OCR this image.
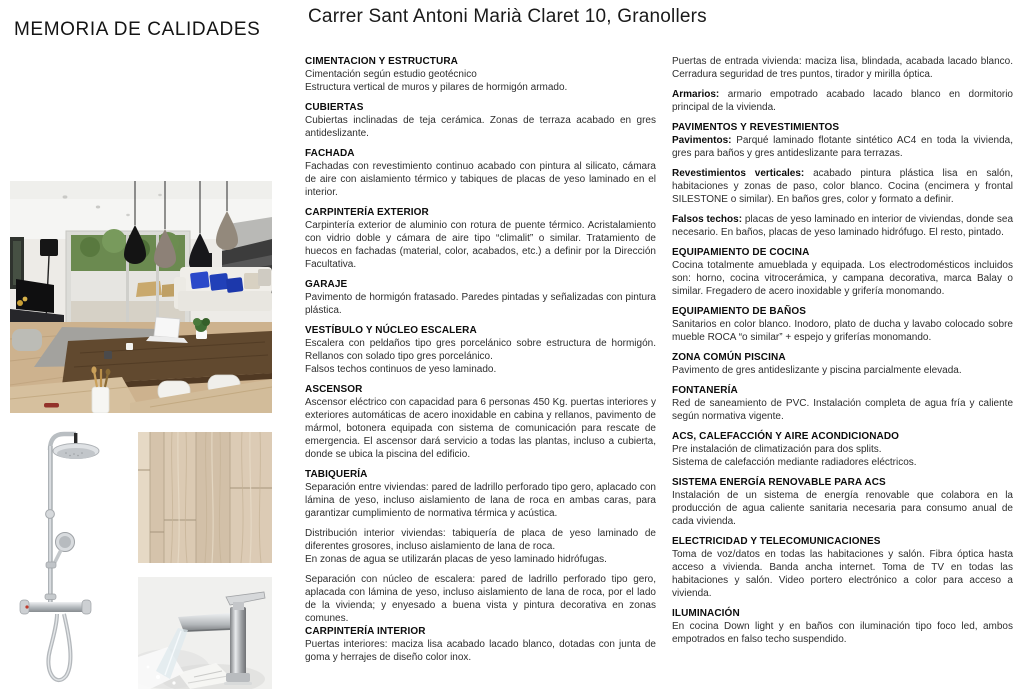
MEMORIA DE CALIDADES
Carrer Sant Antoni Marià Claret 10, Granollers
CIMENTACION Y ESTRUCTURA

Cimentación según estudio geotécnico

Estructura vertical de muros y pilares de hormigón armado.

CUBIERTAS

Cubiertas inclinadas de teja cerámica. Zonas de terraza acabado en gres antideslizante.

FACHADA

Fachadas con revestimiento continuo acabado con pintura al silicato, cámara de aire con aislamiento térmico y tabiques de placas de yeso laminado en el interior.

CARPINTERÍA EXTERIOR

Carpintería exterior de aluminio con rotura de puente térmico. Acristalamiento con vidrio doble y cámara de aire tipo “climalit” o similar. Tratamiento de huecos en fachadas (material, color, acabados, etc.) a definir por la Dirección Facultativa.

GARAJE

Pavimento de hormigón fratasado. Paredes pintadas y señalizadas con pintura plástica.

VESTÍBULO Y NÚCLEO ESCALERA

Escalera con peldaños tipo gres porcelánico sobre estructura de hormigón. Rellanos con solado tipo gres porcelánico.

Falsos techos continuos de yeso laminado.

ASCENSOR

Ascensor eléctrico con capacidad para 6 personas 450 Kg. puertas interiores y exteriores automáticas de acero inoxidable en cabina y rellanos, pavimento de mármol, botonera equipada con sistema de comunicación para rescate de emergencia. El ascensor dará servicio a todas las plantas, incluso a cubierta, donde se ubica la piscina del edificio.

TABIQUERÍA

Separación entre viviendas: pared de ladrillo perforado tipo gero, aplacado con lámina de yeso, incluso aislamiento de lana de roca en ambas caras, para garantizar cumplimiento de normativa térmica y acústica.

Distribución interior viviendas: tabiquería de placa de yeso laminado de diferentes grosores, incluso aislamiento de lana de roca.

En zonas de agua se utilizarán placas de yeso laminado hidrófugas.

Separación con núcleo de escalera: pared de ladrillo perforado tipo gero, aplacada con lámina de yeso, incluso aislamiento de lana de roca, por el lado de la vivienda; y enyesado a buena vista y pintura decorativa en zonas comunes.

CARPINTERÍA INTERIOR

Puertas interiores: maciza lisa acabado lacado blanco, dotadas con junta de goma y herrajes de diseño color inox.

Puertas de entrada vivienda: maciza lisa, blindada, acabada lacado blanco. Cerradura seguridad de tres puntos, tirador y mirilla óptica.

Armarios: armario empotrado acabado lacado blanco en dormitorio principal de la vivienda.

PAVIMENTOS Y REVESTIMIENTOS

Pavimentos: Parqué laminado flotante sintético AC4 en toda la vivienda, gres para baños y gres antideslizante para terrazas.

Revestimientos verticales: acabado pintura plástica lisa en salón, habitaciones y zonas de paso, color blanco. Cocina (encimera y frontal SILESTONE o similar). En baños gres, color y formato a definir.

Falsos techos: placas de yeso laminado en interior de viviendas, donde sea necesario. En baños, placas de yeso laminado hidrófugo. El resto, pintado.

EQUIPAMIENTO DE COCINA

Cocina totalmente amueblada y equipada. Los electrodomésticos incluidos son: horno, cocina vitrocerámica, y campana decorativa, marca Balay o similar. Fregadero de acero inoxidable y grifería monomando.

EQUIPAMIENTO DE BAÑOS

Sanitarios en color blanco. Inodoro, plato de ducha y lavabo colocado sobre mueble ROCA “o similar” + espejo y griferías monomando.

ZONA COMÚN PISCINA

Pavimento de gres antideslizante y piscina parcialmente elevada.

FONTANERÍA

Red de saneamiento de PVC. Instalación completa de agua fría y caliente según normativa vigente.

ACS, CALEFACCIÓN Y AIRE ACONDICIONADO

Pre instalación de climatización para dos splits.

Sistema de calefacción mediante radiadores eléctricos.

SISTEMA ENERGÍA RENOVABLE PARA ACS

Instalación de un sistema de energía renovable que colabora en la producción de agua caliente sanitaria necesaria para consumo anual de cada vivienda.

ELECTRICIDAD Y TELECOMUNICACIONES

Toma de voz/datos en todas las habitaciones y salón. Fibra óptica hasta acceso a vivienda. Banda ancha internet. Toma de TV en todas las habitaciones y salón. Video portero electrónico a color para acceso a vivienda.

ILUMINACIÓN

En cocina Down light y en baños con iluminación tipo foco led, ambos empotrados en falso techo suspendido.
